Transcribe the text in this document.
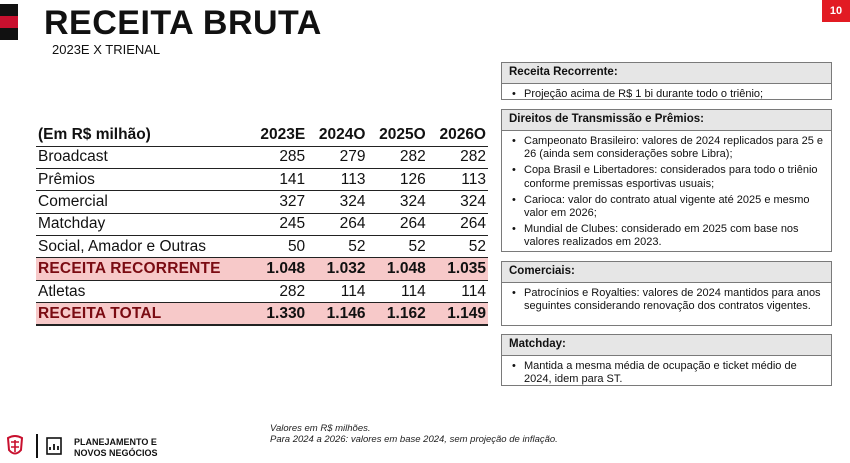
RECEITA BRUTA
2023E X TRIENAL
10
(Em R$ milhão)	2023E	2024O	2025O	2026O
Broadcast	285	279	282	282
Prêmios	141	113	126	113
Comercial	327	324	324	324
Matchday	245	264	264	264
Social, Amador e Outras	50	52	52	52
RECEITA RECORRENTE	1.048	1.032	1.048	1.035
Atletas	282	114	114	114
RECEITA TOTAL	1.330	1.146	1.162	1.149
Receita Recorrente:
• Projeção acima de R$ 1 bi durante todo o triênio;
Direitos de Transmissão e Prêmios:
• Campeonato Brasileiro: valores de 2024 replicados para 25 e 26 (ainda sem considerações sobre Libra);
• Copa Brasil e Libertadores: considerados para todo o triênio conforme premissas esportivas usuais;
• Carioca: valor do contrato atual vigente até 2025 e mesmo valor em 2026;
• Mundial de Clubes: considerado em 2025 com base nos valores realizados em 2023.
Comerciais:
• Patrocínios e Royalties: valores de 2024 mantidos para anos seguintes considerando renovação dos contratos vigentes.
Matchday:
• Mantida a mesma média de ocupação e ticket médio de 2024, idem para ST.
Valores em R$ milhões.
Para 2024 a 2026: valores em base 2024, sem projeção de inflação.
PLANEJAMENTO E
NOVOS NEGÓCIOS
